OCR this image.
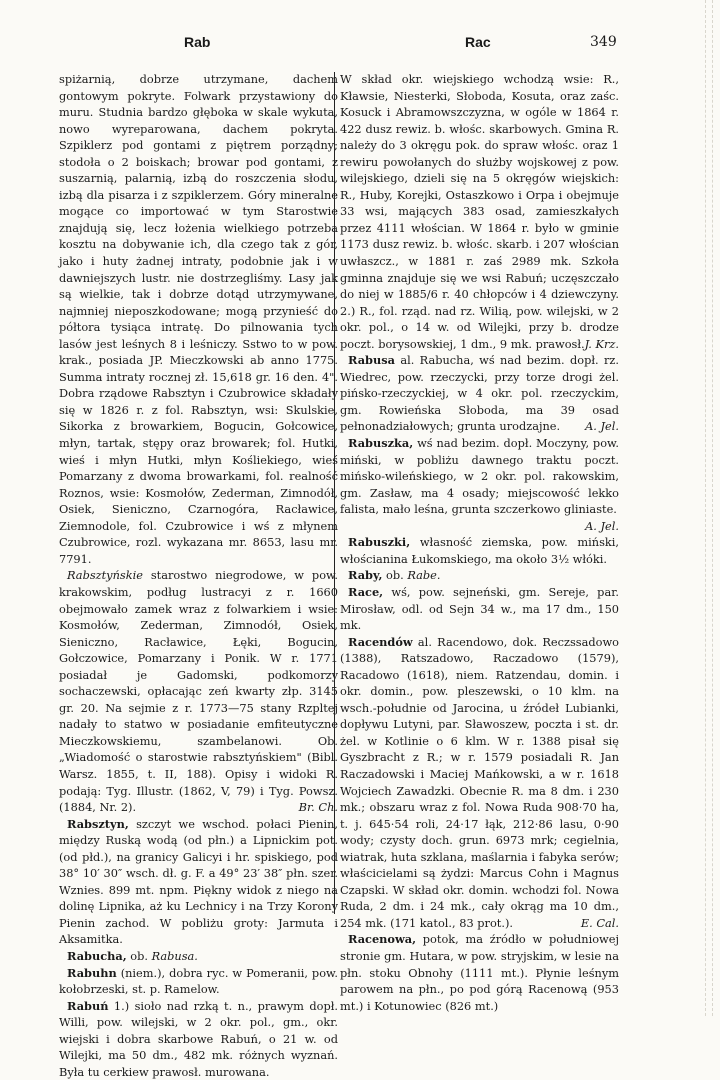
Rab	Rac	349

spiżarnią, dobrze utrzymane, dachem gontowym pokryte. Folwark przystawiony do muru. Studnia bardzo głęboka w skale wykuta, nowo wyreparowana, dachem pokryta. Szpiklerz pod gontami z piętrem porządny; stodoła o 2 boiskach; browar pod gontami, z suszarnią, palarnią, izbą do roszczenia słodu, izbą dla pisarza i z szpiklerzem. Góry mineralne mogące co importować w tym Starostwie znajdują się, lecz łożenia wielkiego potrzeba kosztu na dobywanie ich, dla czego tak z gór, jako i huty żadnej intraty, podobnie jak i w dawniejszych lustr. nie dostrzegliśmy. Lasy jak są wielkie, tak i dobrze dotąd utrzymywane, najmniej nieposzkodowane; mogą przynieść do półtora tysiąca intratę. Do pilnowania tych lasów jest leśnych 8 i leśniczy. Sstwo to w pow. krak., posiada JP. Mieczkowski ab anno 1775. Summa intraty rocznej zł. 15,618 gr. 16 den. 4". Dobra rządowe Rabsztyn i Czubrowice składały się w 1826 r. z fol. Rabsztyn, wsi: Skulskie, Sikorka z browarkiem, Bogucin, Gołcowice, młyn, tartak, stępy oraz browarek; fol. Hutki, wieś i młyn Hutki, młyn Kośliekiego, wieś Pomarzany z dwoma browarkami, fol. realność Roznos, wsie: Kosmołów, Zederman, Zimnodół, Osiek, Sieniczno, Czarnogóra, Racławice, Ziemnodole, fol. Czubrowice i wś z młynem Czubrowice, rozl. wykazana mr. 8653, lasu mr. 7791.

Rabsztyńskie starostwo niegrodowe, w pow. krakowskim, podług lustracyi z r. 1660 obejmowało zamek wraz z folwarkiem i wsie: Kosmołów, Zederman, Zimnodół, Osiek, Sieniczno, Racławice, Łęki, Bogucin, Gołczowice, Pomarzany i Ponik. W r. 1771 posiadał je Gadomski, podkomorzy sochaczewski, opłacając zeń kwarty złp. 3145 gr. 20. Na sejmie z r. 1773—75 stany Rzpltej nadały to statwo w posiadanie emfiteutyczne Mieczkowskiemu, szambelanowi. Ob. „Wiadomość o starostwie rabsztyńskiem" (Bibl. Warsz. 1855, t. II, 188). Opisy i widoki R. podają: Tyg. Illustr. (1862, V, 79) i Tyg. Powsz. (1884, Nr. 2).	Br. Ch.

Rabsztyn, szczyt we wschod. połaci Pienin, między Ruską wodą (od płn.) a Lipnickim pot. (od płd.), na granicy Galicyi i hr. spiskiego, pod 38° 10′ 30″ wsch. dł. g. F. a 49° 23′ 38″ płn. szer. Wznies. 899 mt. npm. Piękny widok z niego na dolinę Lipnika, aż ku Lechnicy i na Trzy Korony Pienin zachod. W pobliżu groty: Jarmuta i Aksamitka.

Rabucha, ob. Rabusa.

Rabuhn (niem.), dobra ryc. w Pomeranii, pow. kołobrzeski, st. p. Ramelow.

Rabuń 1.) sioło nad rzką t. n., prawym dopł. Willi, pow. wilejski, w 2 okr. pol., gm., okr. wiejski i dobra skarbowe Rabuń, o 21 w. od Wilejki, ma 50 dm., 482 mk. różnych wyznań. Była tu cerkiew prawosł. murowana.

W skład okr. wiejskiego wchodzą wsie: R., Kławsie, Niesterki, Słoboda, Kosuta, oraz zaśc. Kosuck i Abramowszczyzna, w ogóle w 1864 r. 422 dusz rewiz. b. włośc. skarbowych. Gmina R. należy do 3 okręgu pok. do spraw włośc. oraz 1 rewiru powołanych do służby wojskowej z pow. wilejskiego, dzieli się na 5 okręgów wiejskich: R., Huby, Korejki, Ostaszkowo i Orpa i obejmuje 33 wsi, mających 383 osad, zamieszkałych przez 4111 włościan. W 1864 r. było w gminie 1173 dusz rewiz. b. włośc. skarb. i 207 włościan uwłaszcz., w 1881 r. zaś 2989 mk. Szkoła gminna znajduje się we wsi Rabuń; uczęszczało do niej w 1885/6 r. 40 chłopców i 4 dziewczyny. 2.) R., fol. rząd. nad rz. Wilią, pow. wilejski, w 2 okr. pol., o 14 w. od Wilejki, przy b. drodze poczt. borysowskiej, 1 dm., 9 mk. prawosł. J. Krz.

Rabusa al. Rabucha, wś nad bezim. dopł. rz. Wiedrec, pow. rzeczycki, przy torze drogi żel. pińsko-rzeczyckiej, w 4 okr. pol. rzeczyckim, gm. Rowieńska Słoboda, ma 39 osad pełnonadziałowych; grunta urodzajne.	A. Jel.

Rabuszka, wś nad bezim. dopł. Moczyny, pow. miński, w pobliżu dawnego traktu poczt. mińsko-wileńskiego, w 2 okr. pol. rakowskim, gm. Zasław, ma 4 osady; miejscowość lekko falista, mało leśna, grunta szczerkowo gliniaste.
A. Jel.

Rabuszki, własność ziemska, pow. miński, włościanina Łukomskiego, ma około 3½ włóki.

Raby, ob. Rabe.

Race, wś, pow. sejneński, gm. Sereje, par. Mirosław, odl. od Sejn 34 w., ma 17 dm., 150 mk.

Racendów al. Racendowo, dok. Reczssadowo (1388), Ratszadowo, Raczadowo (1579), Racadowo (1618), niem. Ratzendau, domin. i okr. domin., pow. pleszewski, o 10 klm. na wsch.-południe od Jarocina, u źródeł Lubianki, dopływu Lutyni, par. Sławoszew, poczta i st. dr. żel. w Kotlinie o 6 klm. W r. 1388 pisał się Gyszbracht z R.; w r. 1579 posiadali R. Jan Raczadowski i Maciej Mańkowski, a w r. 1618 Wojciech Zawadzki. Obecnie R. ma 8 dm. i 230 mk.; obszaru wraz z fol. Nowa Ruda 908·70 ha, t. j. 645·54 roli, 24·17 łąk, 212·86 lasu, 0·90 wody; czysty doch. grun. 6973 mrk; cegielnia, wiatrak, huta szklana, maślarnia i fabyka serów; właścicielami są żydzi: Marcus Cohn i Magnus Czapski. W skład okr. domin. wchodzi fol. Nowa Ruda, 2 dm. i 24 mk., cały okrąg ma 10 dm., 254 mk. (171 katol., 83 prot.).	E. Cal.

Racenowa, potok, ma źródło w południowej stronie gm. Hutara, w pow. stryjskim, w lesie na płn. stoku Obnohy (1111 mt.). Płynie leśnym parowem na płn., po pod górą Racenową (953 mt.) i Kotunowiec (826 mt.)
